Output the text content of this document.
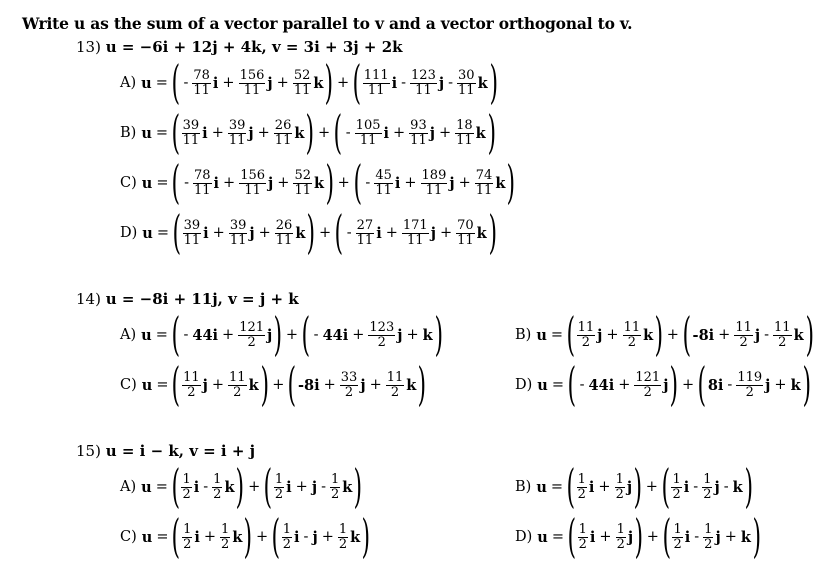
Write u as the sum of a vector parallel to v and a vector orthogonal to v.
13) u = −6i + 12j + 4k, v = 3i + 3j + 2k
A) u = ( - $\frac{78}{11}$ $i + \frac{156}{11}$ $j + \frac{52}{11}$ k ) + ( $\frac{111}{11}$ i - $\frac{123}{11}$ j - $\frac{30}{11}$ k )
B) u = ( $\frac{39}{11}$ $i + \frac{39}{11}$ $j + \frac{26}{11}$ k ) + ( - $\frac{105}{11}$ $i + \frac{93}{11}$ $j + \frac{18}{11}$ k )
C) u = ( - $\frac{78}{11}$ $i + \frac{156}{11}$ $j + \frac{52}{11}$ k ) + ( - $\frac{45}{11}$ $i + \frac{189}{11}$ $j + \frac{74}{11}$ k )
D) u = ( $\frac{39}{11}$ $i + \frac{39}{11}$ $j + \frac{26}{11}$ k ) + ( - $\frac{27}{11}$ $i + \frac{171}{11}$ $j + \frac{70}{11}$ k )
14) u = −8i + 11j, v = j + k
A) u = ( - $44i + \frac{121}{2}$ j ) + ( - $44i + \frac{123}{2}$ j + k )	B) u = ( $\frac{11}{2}$ $j + \frac{11}{2}$ k ) + ( $-8i + \frac{11}{2}$ j - $\frac{11}{2}$ k )
C) u = ( $\frac{11}{2}$ $j + \frac{11}{2}$ k ) + ( $-8i + \frac{33}{2}$ $j + \frac{11}{2}$ k )	D) u = ( - $44i + \frac{121}{2}$ j ) + ( $8i - \frac{119}{2}$ j + k )
15) u = i − k, v = i + j
A) u = ( $\frac{1}{2}$ i - $\frac{1}{2}$ k ) + ( $\frac{1}{2}$ $i + j - \frac{1}{2}$ k )	B) u = ( $\frac{1}{2}$ $i + \frac{1}{2}$ j ) + ( $\frac{1}{2}$ i - $\frac{1}{2}$ j - k )
C) u = ( $\frac{1}{2}$ $i + \frac{1}{2}$ k ) + ( $\frac{1}{2}$ $i - j + \frac{1}{2}$ k )	D) u = ( $\frac{1}{2}$ $i + \frac{1}{2}$ j ) + ( $\frac{1}{2}$ i - $\frac{1}{2}$ j + k )
